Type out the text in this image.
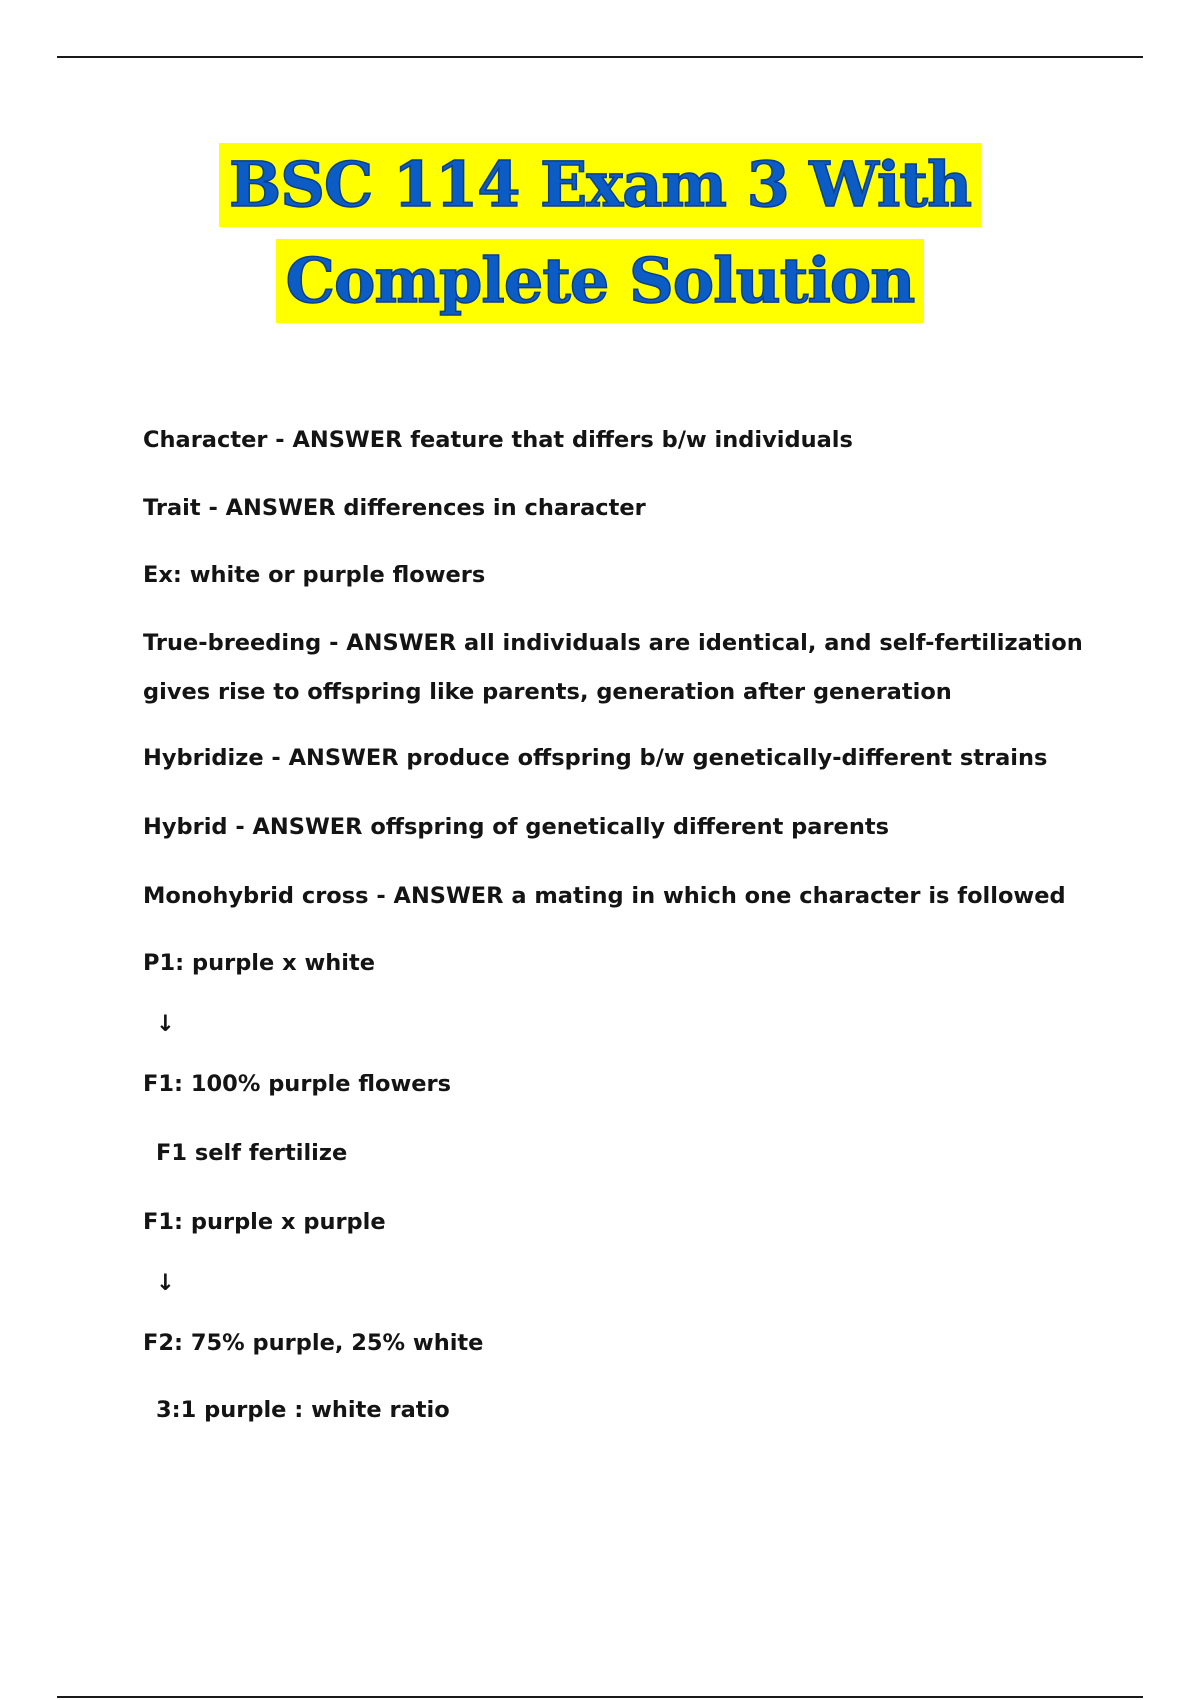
BSC 114 Exam 3 With
Complete Solution
Character - ANSWER feature that differs b/w individuals
Trait - ANSWER differences in character
Ex: white or purple flowers
True-breeding - ANSWER all individuals are identical, and self-fertilization
gives rise to offspring like parents, generation after generation
Hybridize - ANSWER produce offspring b/w genetically-different strains
Hybrid - ANSWER offspring of genetically different parents
Monohybrid cross - ANSWER a mating in which one character is followed
P1: purple x white
↓
F1: 100% purple flowers
F1 self fertilize
F1: purple x purple
↓
F2: 75% purple, 25% white
3:1 purple : white ratio
